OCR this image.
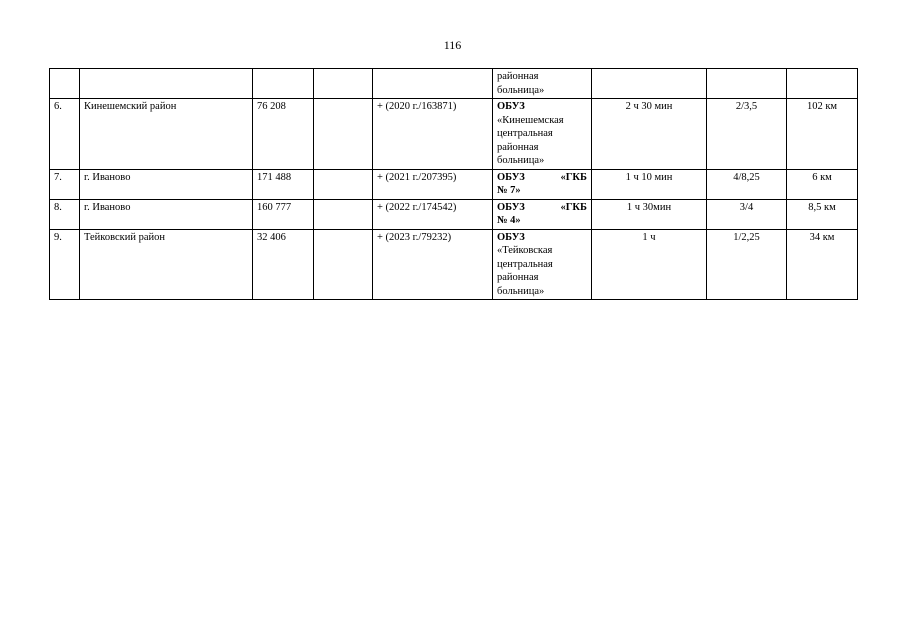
116

					районная
больница»			

6.	Кинешемский район	76 208		+ (2020 г./163871)	ОБУЗ
«Кинешемская
центральная
районная
больница»	2 ч 30 мин	2/3,5	102 км
7.	г. Иваново	171 488		+ (2021 г./207395)	ОБУЗ «ГКБ
№ 7»	1 ч 10 мин	4/8,25	6 км
8.	г. Иваново	160 777		+ (2022 г./174542)	ОБУЗ «ГКБ
№ 4»	1 ч 30мин	3/4	8,5 км
9.	Тейковский район	32 406		+ (2023 г./79232)	ОБУЗ
«Тейковская
центральная
районная
больница»	1 ч	1/2,25	34 км
